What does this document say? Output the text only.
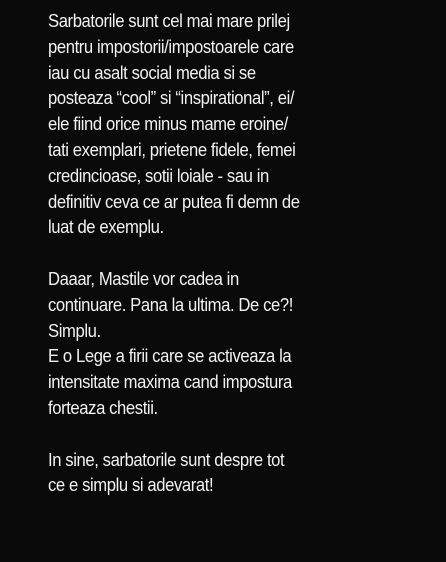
Sarbatorile sunt cel mai mare prilej
pentru impostorii/impostoarele care
iau cu asalt social media si se
posteaza “cool” si “inspirational”, ei/
ele fiind orice minus mame eroine/
tati exemplari, prietene fidele, femei
credincioase, sotii loiale - sau in
definitiv ceva ce ar putea fi demn de
luat de exemplu.

Daaar, Mastile vor cadea in
continuare. Pana la ultima. De ce?!
Simplu.
E o Lege a firii care se activeaza la
intensitate maxima cand impostura
forteaza chestii.

In sine, sarbatorile sunt despre tot
ce e simplu si adevarat!
